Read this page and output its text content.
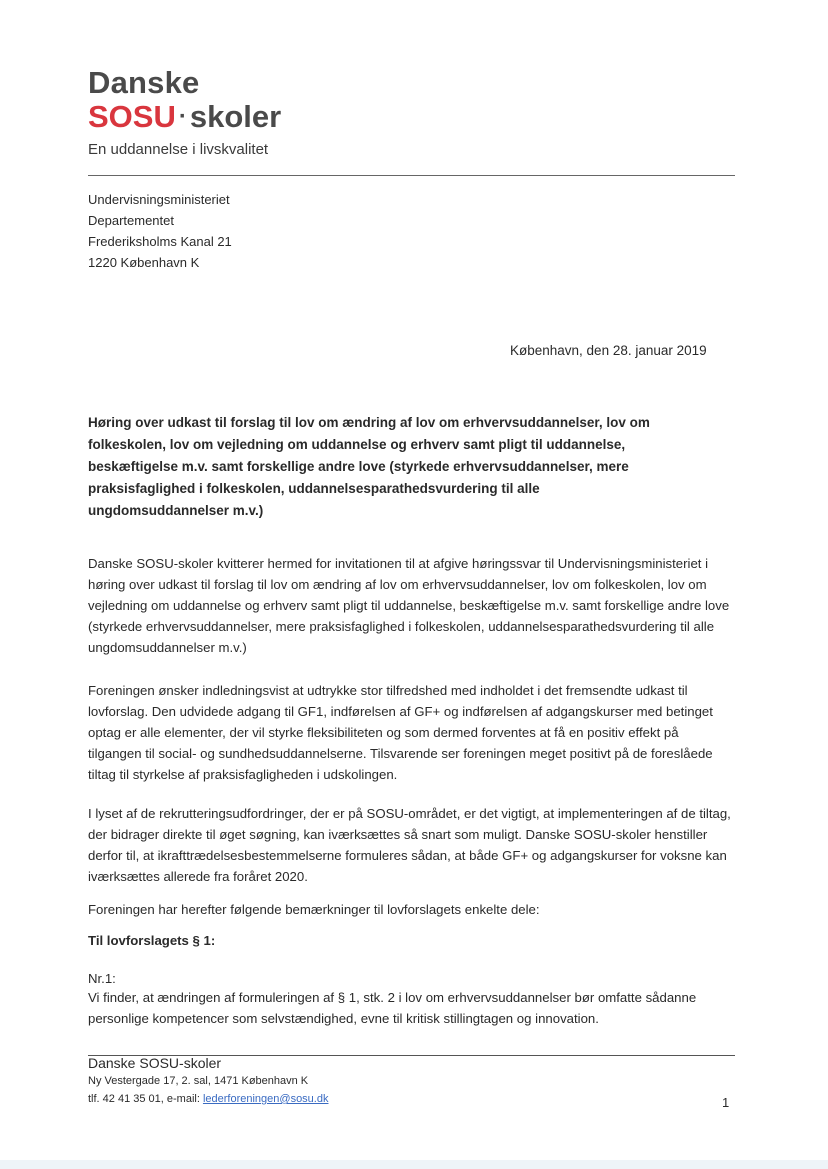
Danske
SOSU ·skoler
En uddannelse i livskvalitet
Undervisningsministeriet
Departementet
Frederiksholms Kanal 21
1220 København K
København, den 28. januar 2019
Høring over udkast til forslag til lov om ændring af lov om erhvervsuddannelser, lov om folkeskolen, lov om vejledning om uddannelse og erhverv samt pligt til uddannelse, beskæftigelse m.v. samt forskellige andre love (styrkede erhvervsuddannelser, mere praksisfaglighed i folkeskolen, uddannelsesparathedsvurdering til alle ungdomsuddannelser m.v.)
Danske SOSU-skoler kvitterer hermed for invitationen til at afgive høringssvar til Undervisningsministeriet i høring over udkast til forslag til lov om ændring af lov om erhvervsuddannelser, lov om folkeskolen, lov om vejledning om uddannelse og erhverv samt pligt til uddannelse, beskæftigelse m.v. samt forskellige andre love (styrkede erhvervsuddannelser, mere praksisfaglighed i folkeskolen, uddannelsesparathedsvurdering til alle ungdomsuddannelser m.v.)
Foreningen ønsker indledningsvist at udtrykke stor tilfredshed med indholdet i det fremsendte udkast til lovforslag. Den udvidede adgang til GF1, indførelsen af GF+ og indførelsen af adgangskurser med betinget optag er alle elementer, der vil styrke fleksibiliteten og som dermed forventes at få en positiv effekt på tilgangen til social- og sundhedsuddannelserne. Tilsvarende ser foreningen meget positivt på de foreslåede tiltag til styrkelse af praksisfagligheden i udskolingen.
I lyset af de rekrutteringsudfordringer, der er på SOSU-området, er det vigtigt, at implementeringen af de tiltag, der bidrager direkte til øget søgning, kan iværksættes så snart som muligt. Danske SOSU-skoler henstiller derfor til, at ikrafttrædelsesbestemmelserne formuleres sådan, at både GF+ og adgangskurser for voksne kan iværksættes allerede fra foråret 2020.
Foreningen har herefter følgende bemærkninger til lovforslagets enkelte dele:
Til lovforslagets § 1:
Nr.1:
Vi finder, at ændringen af formuleringen af § 1, stk. 2 i lov om erhvervsuddannelser bør omfatte sådanne personlige kompetencer som selvstændighed, evne til kritisk stillingtagen og innovation.
Danske SOSU-skoler
Ny Vestergade 17, 2. sal, 1471 København K
tlf. 42 41 35 01, e-mail: lederforeningen@sosu.dk	1
